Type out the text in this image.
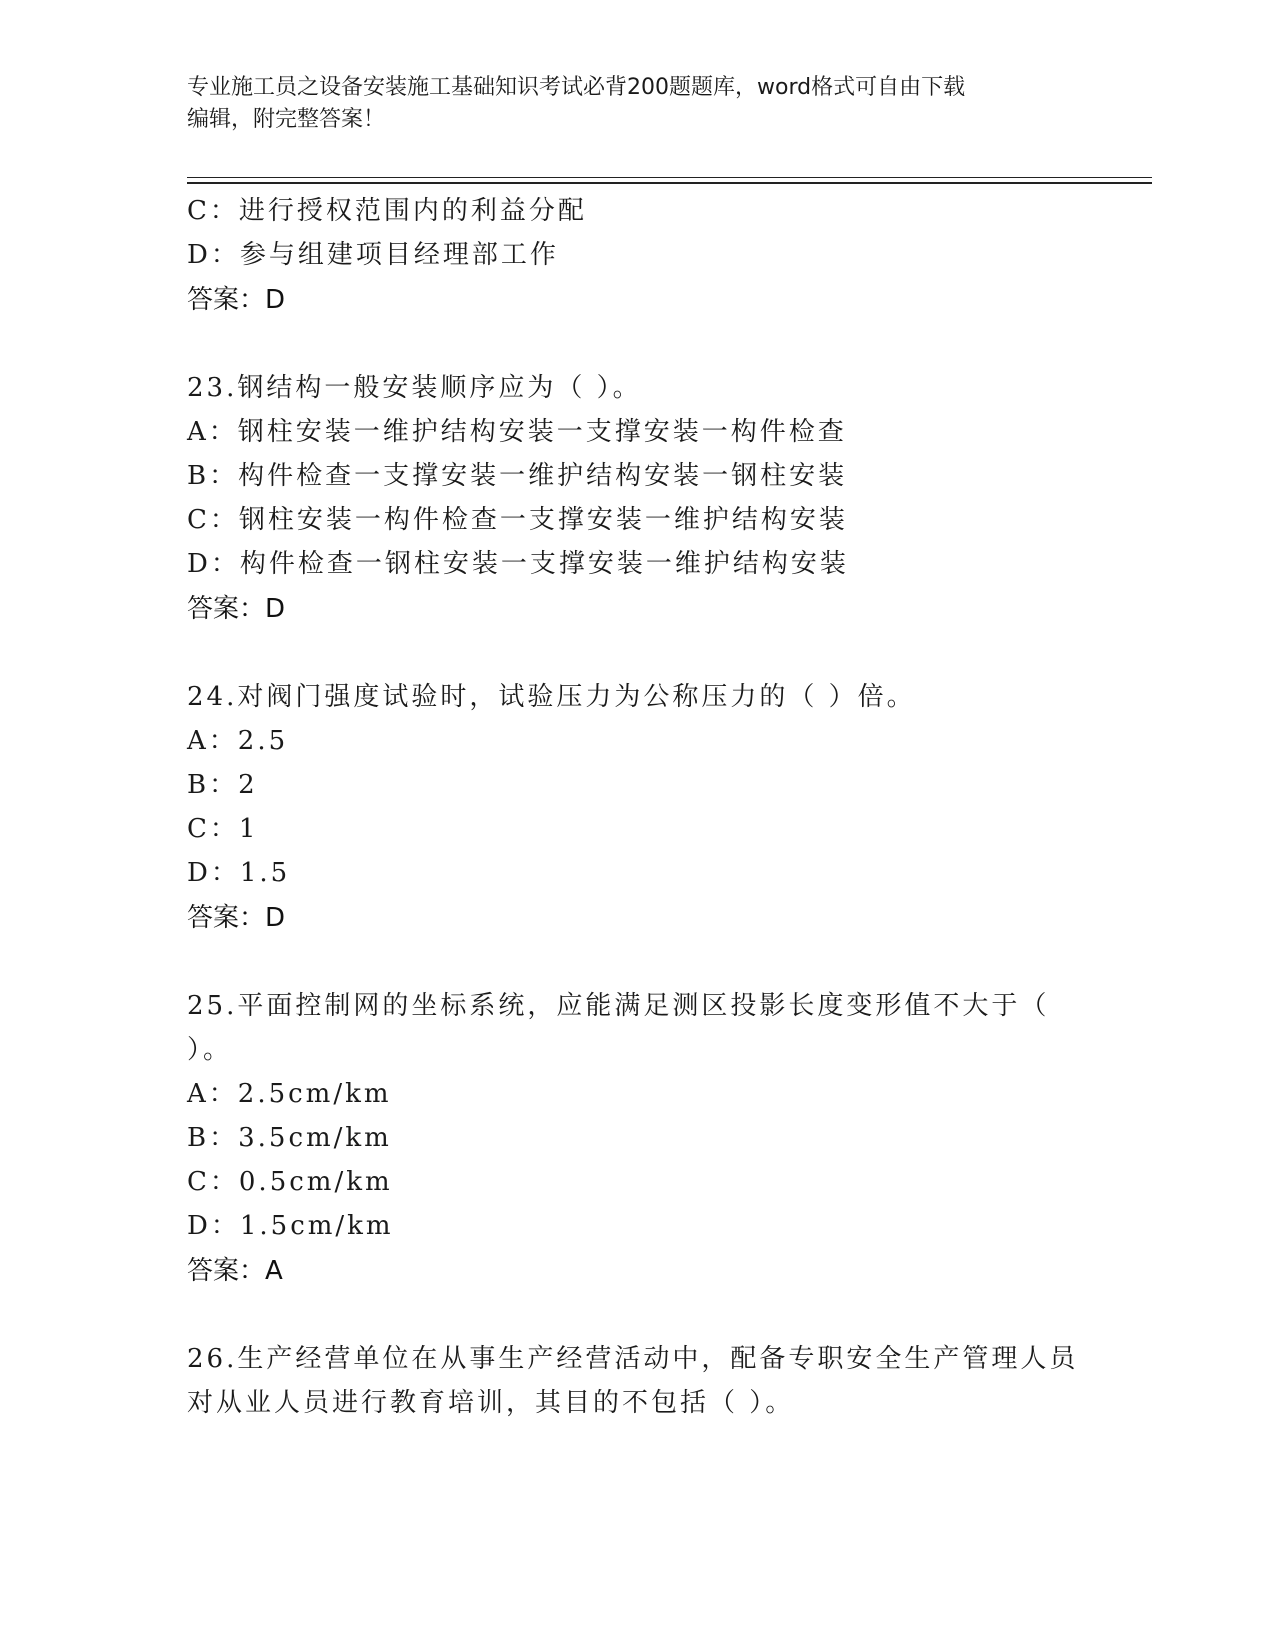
专业施工员之设备安装施工基础知识考试必背200题题库，word格式可自由下载
编辑，附完整答案！
C：进行授权范围内的利益分配
D：参与组建项目经理部工作
答案：D
23.钢结构一般安装顺序应为（ ）。
A：钢柱安装一维护结构安装一支撑安装一构件检查
B：构件检查一支撑安装一维护结构安装一钢柱安装
C：钢柱安装一构件检查一支撑安装一维护结构安装
D：构件检查一钢柱安装一支撑安装一维护结构安装
答案：D
24.对阀门强度试验时，试验压力为公称压力的（ ）倍。
A：2.5
B：2
C：1
D：1.5
答案：D
25.平面控制网的坐标系统，应能满足测区投影长度变形值不大于（
）。
A：2.5cm/km
B：3.5cm/km
C：0.5cm/km
D：1.5cm/km
答案：A
26.生产经营单位在从事生产经营活动中，配备专职安全生产管理人员
对从业人员进行教育培训，其目的不包括（ ）。
